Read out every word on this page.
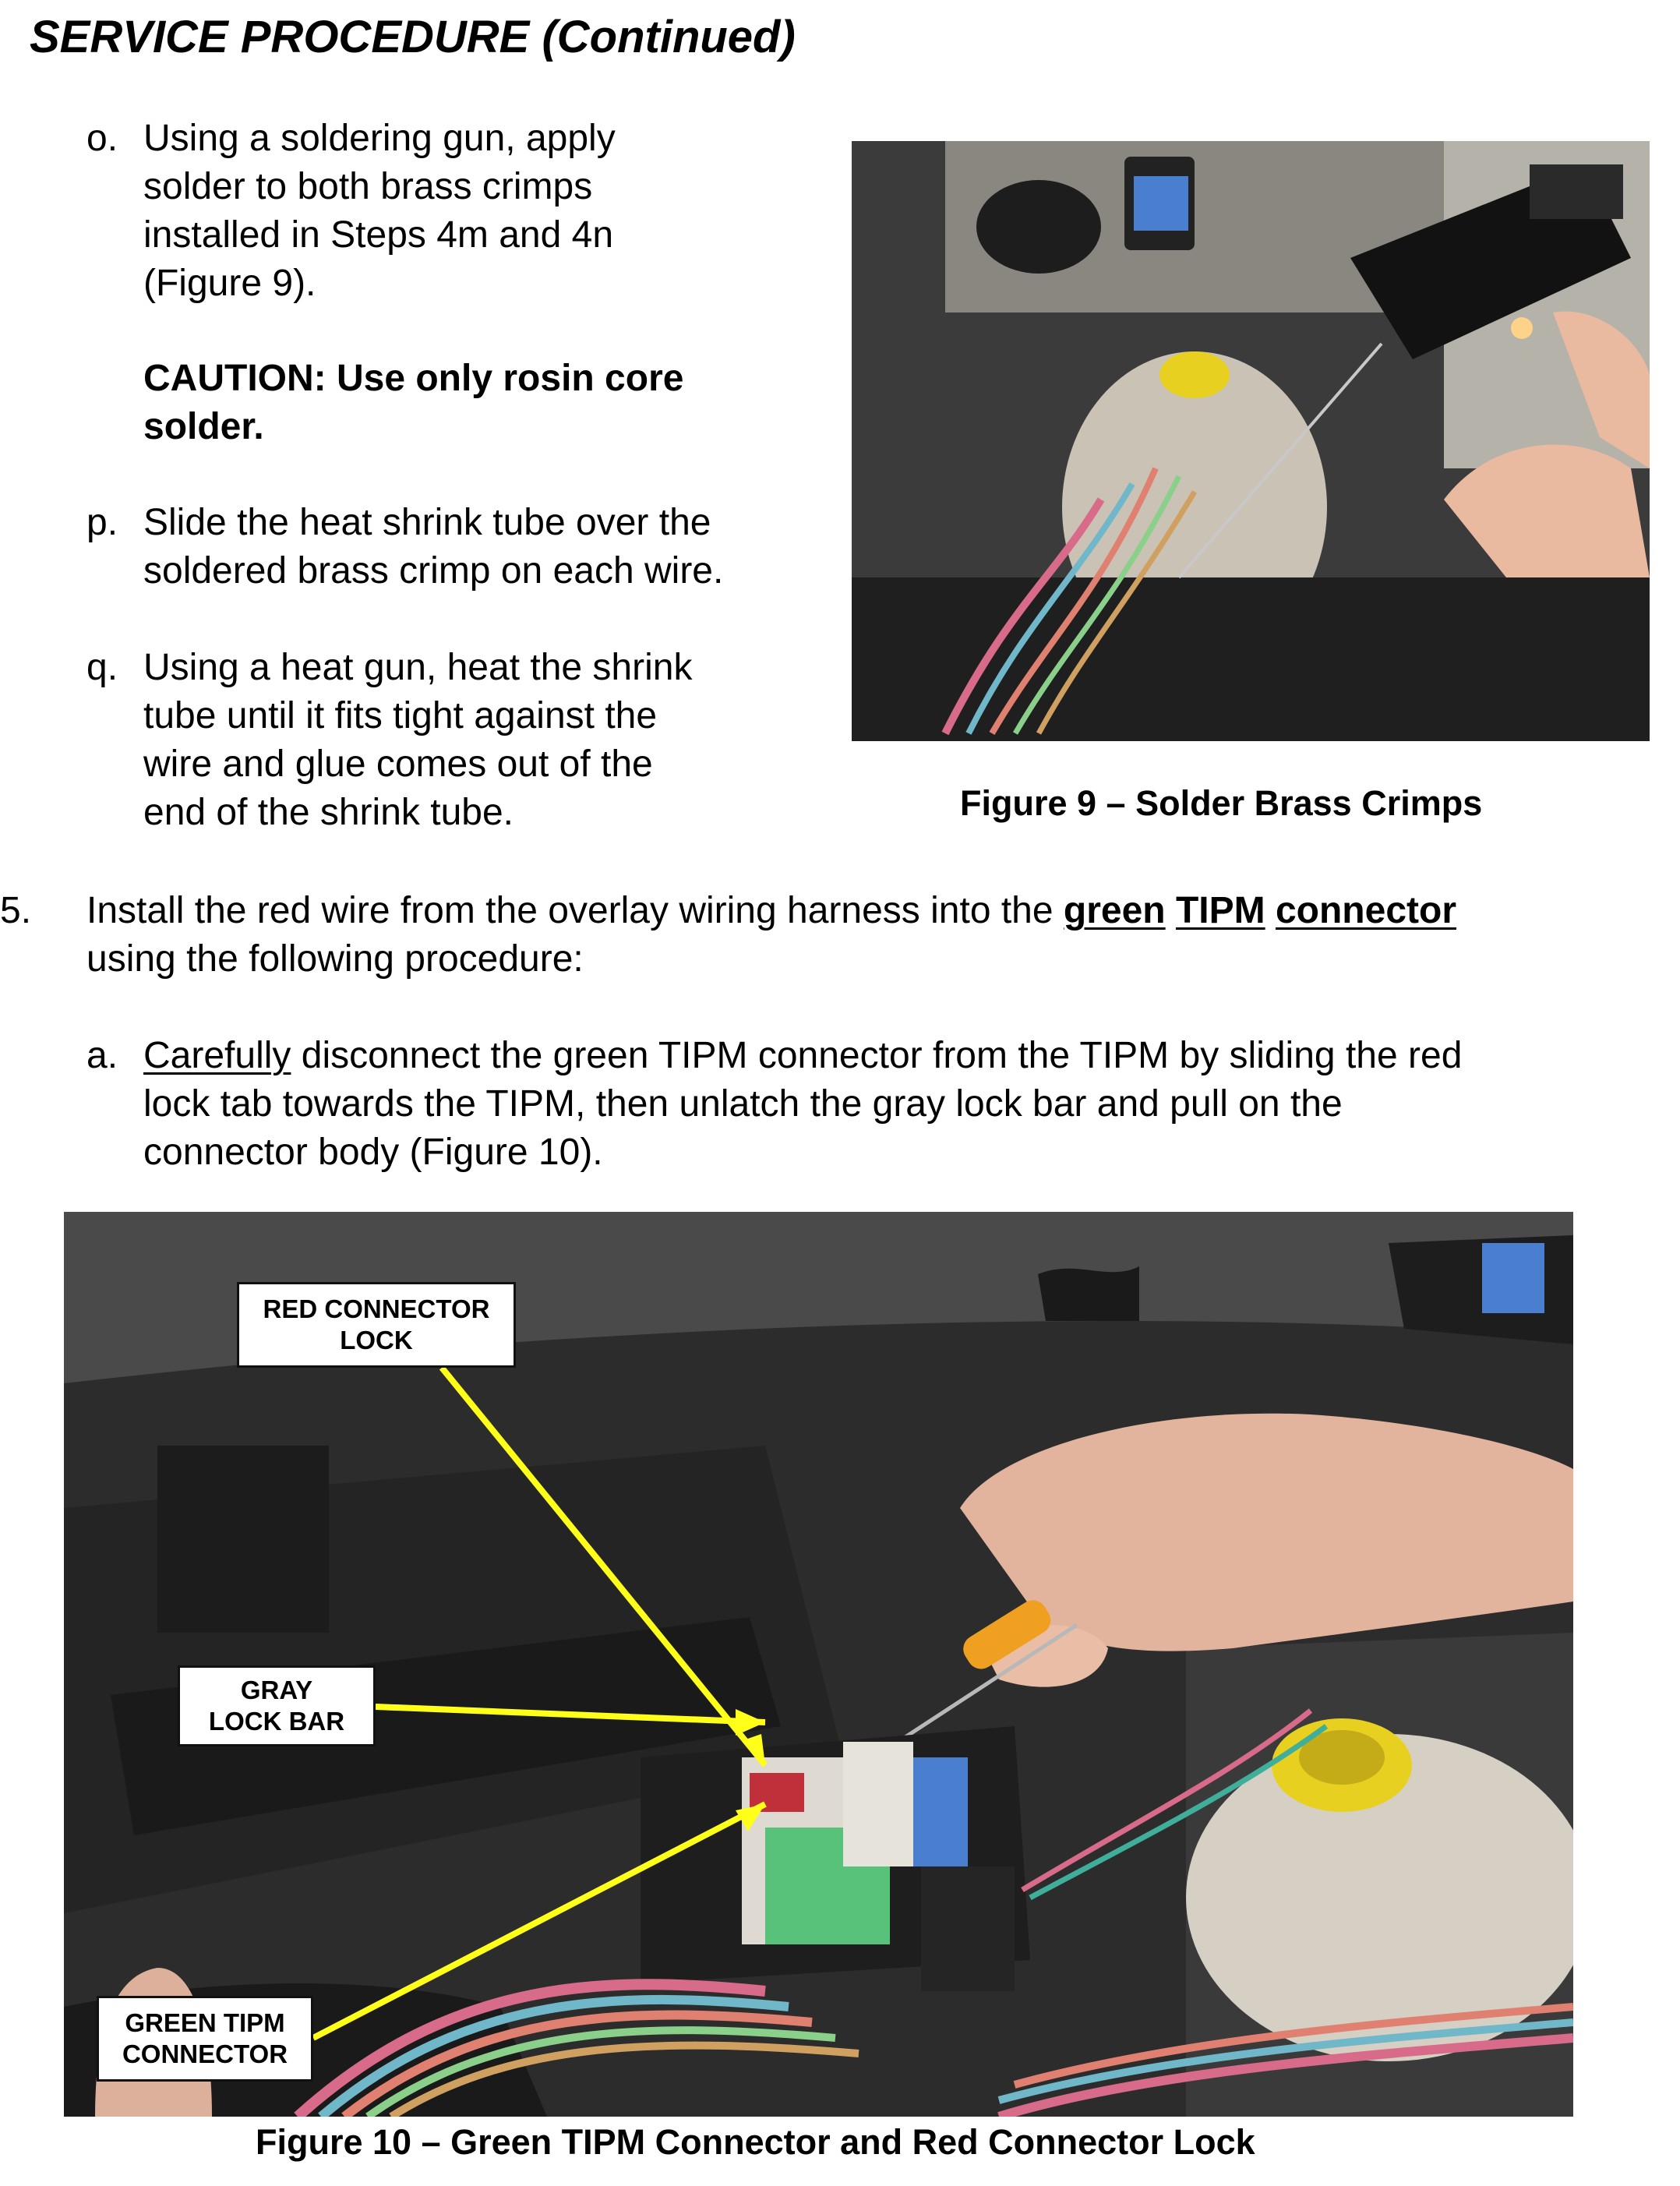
SERVICE PROCEDURE (Continued)
o. Using a soldering gun, apply
solder to both brass crimps
installed in Steps 4m and 4n
(Figure 9).
CAUTION: Use only rosin core
solder.
p. Slide the heat shrink tube over the
soldered brass crimp on each wire.
q. Using a heat gun, heat the shrink
tube until it fits tight against the
wire and glue comes out of the
end of the shrink tube.
5. Install the red wire from the overlay wiring harness into the green TIPM connector
using the following procedure:
a. Carefully disconnect the green TIPM connector from the TIPM by sliding the red
lock tab towards the TIPM, then unlatch the gray lock bar and pull on the
connector body (Figure 10).
Figure 9 – Solder Brass Crimps
RED CONNECTOR
LOCK
GRAY
LOCK BAR
GREEN TIPM
CONNECTOR
Figure 10 – Green TIPM Connector and Red Connector Lock
